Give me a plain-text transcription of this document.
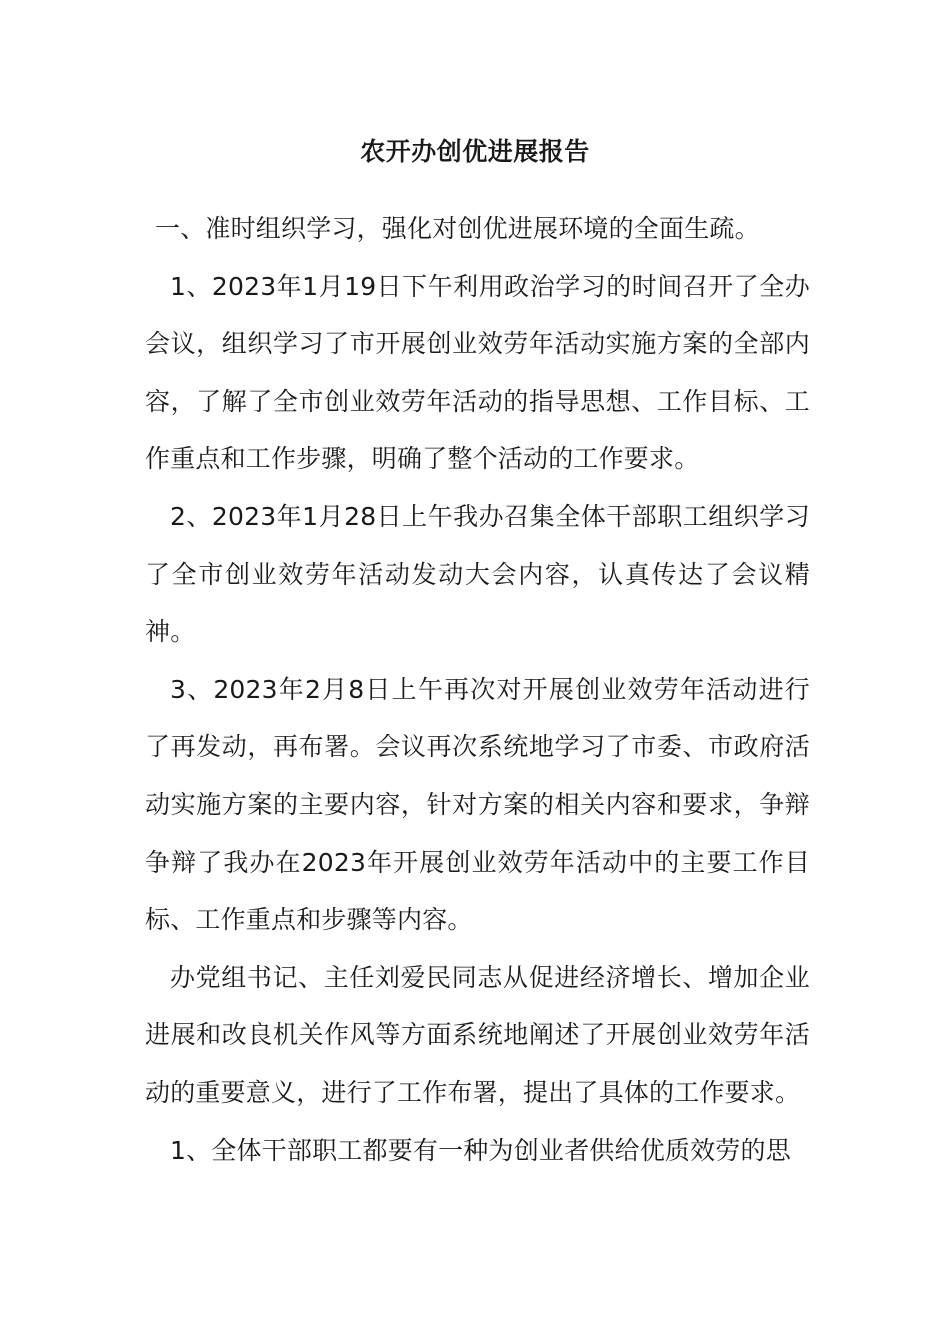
农开办创优进展报告

一、准时组织学习，强化对创优进展环境的全面生疏。

1、2023年1月19日下午利用政治学习的时间召开了全办会议，组织学习了市开展创业效劳年活动实施方案的全部内容，了解了全市创业效劳年活动的指导思想、工作目标、工作重点和工作步骤，明确了整个活动的工作要求。

2、2023年1月28日上午我办召集全体干部职工组织学习了全市创业效劳年活动发动大会内容，认真传达了会议精神。

3、2023年2月8日上午再次对开展创业效劳年活动进行了再发动，再布署。会议再次系统地学习了市委、市政府活动实施方案的主要内容，针对方案的相关内容和要求，争辩争辩了我办在2023年开展创业效劳年活动中的主要工作目标、工作重点和步骤等内容。

办党组书记、主任刘爱民同志从促进经济增长、增加企业进展和改良机关作风等方面系统地阐述了开展创业效劳年活动的重要意义，进行了工作布署，提出了具体的工作要求。

1、全体干部职工都要有一种为创业者供给优质效劳的思
